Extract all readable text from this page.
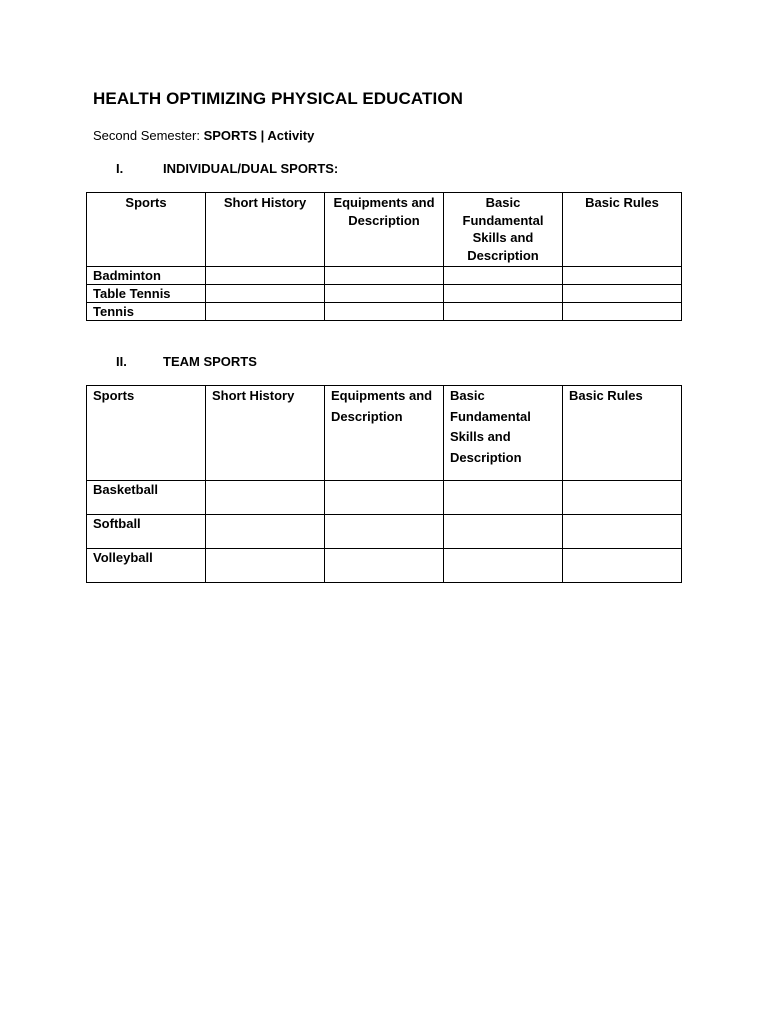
HEALTH OPTIMIZING PHYSICAL EDUCATION
Second Semester: SPORTS | Activity
I.	INDIVIDUAL/DUAL SPORTS:
Sports	Short History	Equipments and Description	Basic Fundamental Skills and Description	Basic Rules
Badminton				
Table Tennis				
Tennis				
II.	TEAM SPORTS
Sports	Short History	Equipments and Description	Basic Fundamental Skills and Description	Basic Rules
Basketball				
Softball				
Volleyball				
